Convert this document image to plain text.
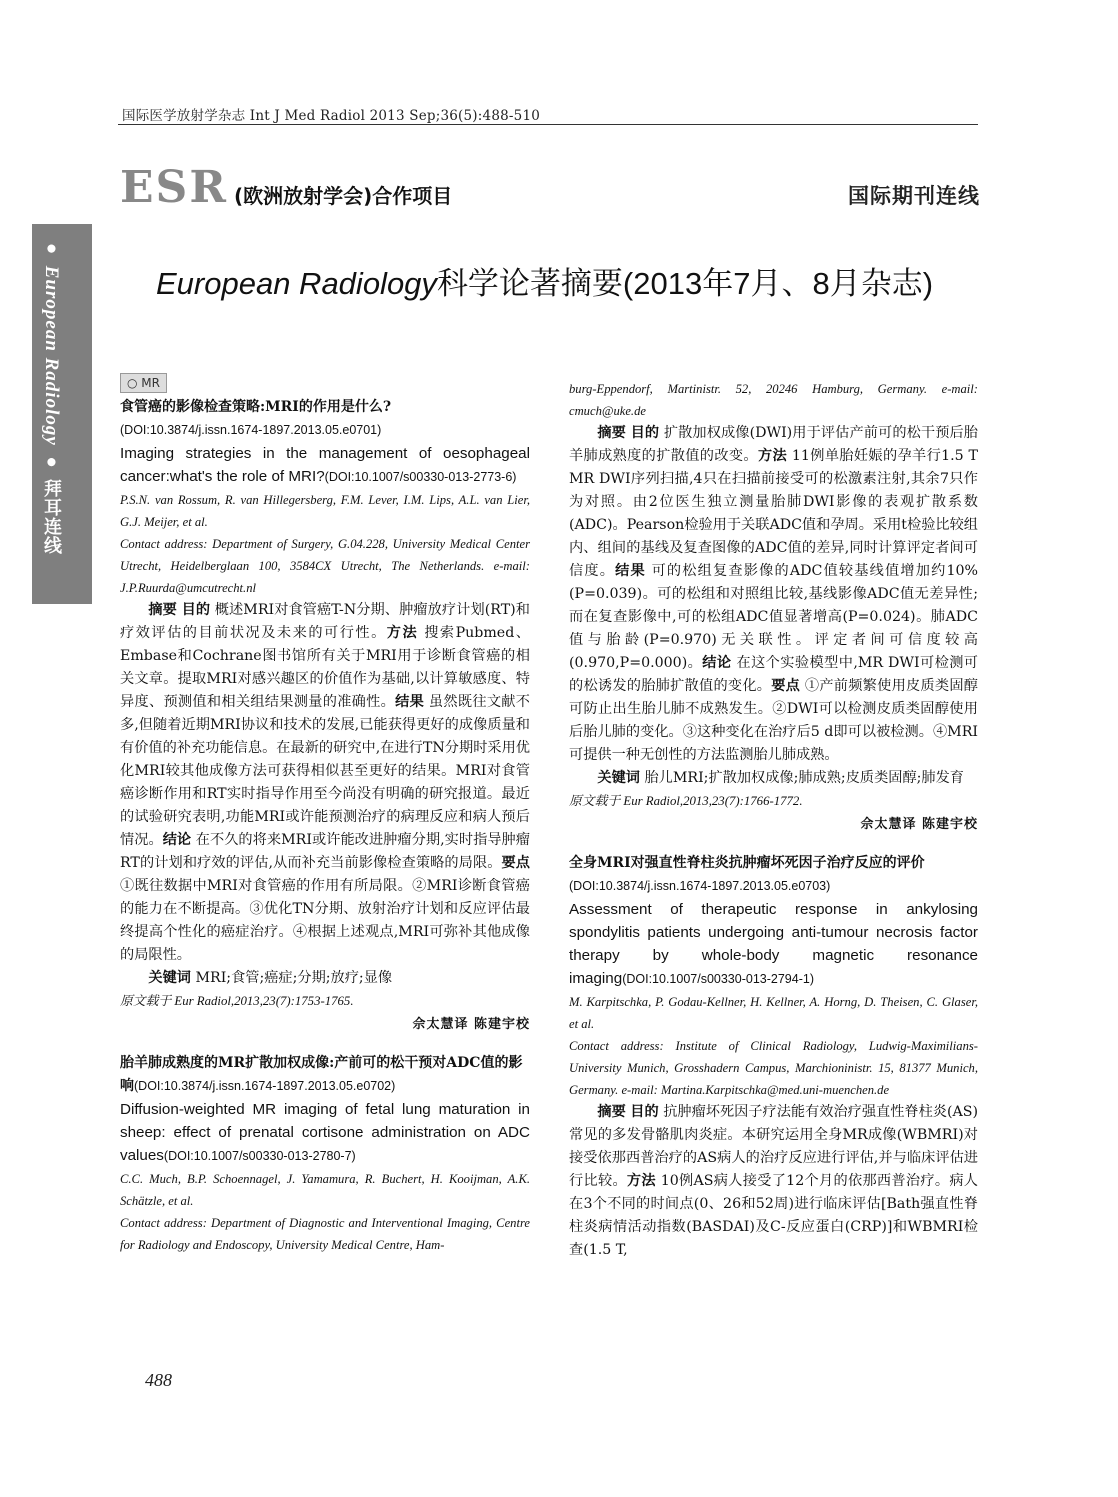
国际医学放射学杂志 Int J Med Radiol 2013 Sep;36(5):488-510
ESR (欧洲放射学会)合作项目	国际期刊连线
● European Radiology ● 拜耳连线
European Radiology科学论著摘要(2013年7月、8月杂志)
○ MR

食管癌的影像检查策略:MRI的作用是什么?(DOI:10.3874/j.issn.1674-1897.2013.05.e0701)

Imaging strategies in the management of oesophageal cancer:what's the role of MRI?(DOI:10.1007/s00330-013-2773-6)

P.S.N. van Rossum, R. van Hillegersberg, F.M. Lever, I.M. Lips, A.L. van Lier, G.J. Meijer, et al.

Contact address: Department of Surgery, G.04.228, University Medical Center Utrecht, Heidelberglaan 100, 3584CX Utrecht, The Netherlands. e-mail: J.P.Ruurda@umcutrecht.nl

摘要 目的 概述MRI对食管癌T-N分期、肿瘤放疗计划(RT)和疗效评估的目前状况及未来的可行性。方法 搜索Pubmed、Embase和Cochrane图书馆所有关于MRI用于诊断食管癌的相关文章。提取MRI对感兴趣区的价值作为基础,以计算敏感度、特异度、预测值和相关组结果测量的准确性。结果 虽然既往文献不多,但随着近期MRI协议和技术的发展,已能获得更好的成像质量和有价值的补充功能信息。在最新的研究中,在进行TN分期时采用优化MRI较其他成像方法可获得相似甚至更好的结果。MRI对食管癌诊断作用和RT实时指导作用至今尚没有明确的研究报道。最近的试验研究表明,功能MRI或许能预测治疗的病理反应和病人预后情况。结论 在不久的将来MRI或许能改进肿瘤分期,实时指导肿瘤RT的计划和疗效的评估,从而补充当前影像检查策略的局限。要点 ①既往数据中MRI对食管癌的作用有所局限。②MRI诊断食管癌的能力在不断提高。③优化TN分期、放射治疗计划和反应评估最终提高个性化的癌症治疗。④根据上述观点,MRI可弥补其他成像的局限性。

关键词 MRI;食管;癌症;分期;放疗;显像

原文载于 Eur Radiol,2013,23(7):1753-1765.

佘太慧译 陈建宇校

胎羊肺成熟度的MR扩散加权成像:产前可的松干预对ADC值的影响(DOI:10.3874/j.issn.1674-1897.2013.05.e0702)

Diffusion-weighted MR imaging of fetal lung maturation in sheep: effect of prenatal cortisone administration on ADC values(DOI:10.1007/s00330-013-2780-7)

C.C. Much, B.P. Schoennagel, J. Yamamura, R. Buchert, H. Kooijman, A.K. Schätzle, et al.

Contact address: Department of Diagnostic and Interventional Imaging, Centre for Radiology and Endoscopy, University Medical Centre, Ham-

burg-Eppendorf, Martinistr. 52, 20246 Hamburg, Germany. e-mail: cmuch@uke.de

摘要 目的 扩散加权成像(DWI)用于评估产前可的松干预后胎羊肺成熟度的扩散值的改变。方法 11例单胎妊娠的孕羊行1.5 T MR DWI序列扫描,4只在扫描前接受可的松激素注射,其余7只作为对照。由2位医生独立测量胎肺DWI影像的表观扩散系数(ADC)。Pearson检验用于关联ADC值和孕周。采用t检验比较组内、组间的基线及复查图像的ADC值的差异,同时计算评定者间可信度。结果 可的松组复查影像的ADC值较基线值增加约10%(P=0.039)。可的松组和对照组比较,基线影像ADC值无差异性;而在复查影像中,可的松组ADC值显著增高(P=0.024)。肺ADC值与胎龄(P=0.970)无关联性。评定者间可信度较高(0.970,P=0.000)。结论 在这个实验模型中,MR DWI可检测可的松诱发的胎肺扩散值的变化。要点 ①产前频繁使用皮质类固醇可防止出生胎儿肺不成熟发生。②DWI可以检测皮质类固醇使用后胎儿肺的变化。③这种变化在治疗后5 d即可以被检测。④MRI可提供一种无创性的方法监测胎儿肺成熟。

关键词 胎儿MRI;扩散加权成像;肺成熟;皮质类固醇;肺发育

原文载于 Eur Radiol,2013,23(7):1766-1772.

佘太慧译 陈建宇校

全身MRI对强直性脊柱炎抗肿瘤坏死因子治疗反应的评价

(DOI:10.3874/j.issn.1674-1897.2013.05.e0703)

Assessment of therapeutic response in ankylosing spondylitis patients undergoing anti-tumour necrosis factor therapy by whole-body magnetic resonance imaging(DOI:10.1007/s00330-013-2794-1)

M. Karpitschka, P. Godau-Kellner, H. Kellner, A. Horng, D. Theisen, C. Glaser, et al.

Contact address: Institute of Clinical Radiology, Ludwig-Maximilians-University Munich, Grosshadern Campus, Marchioninistr. 15, 81377 Munich, Germany. e-mail: Martina.Karpitschka@med.uni-muenchen.de

摘要 目的 抗肿瘤坏死因子疗法能有效治疗强直性脊柱炎(AS)常见的多发骨骼肌肉炎症。本研究运用全身MR成像(WBMRI)对接受依那西普治疗的AS病人的治疗反应进行评估,并与临床评估进行比较。方法 10例AS病人接受了12个月的依那西普治疗。病人在3个不同的时间点(0、26和52周)进行临床评估[Bath强直性脊柱炎病情活动指数(BASDAI)及C-反应蛋白(CRP)]和WBMRI检查(1.5 T,

488
